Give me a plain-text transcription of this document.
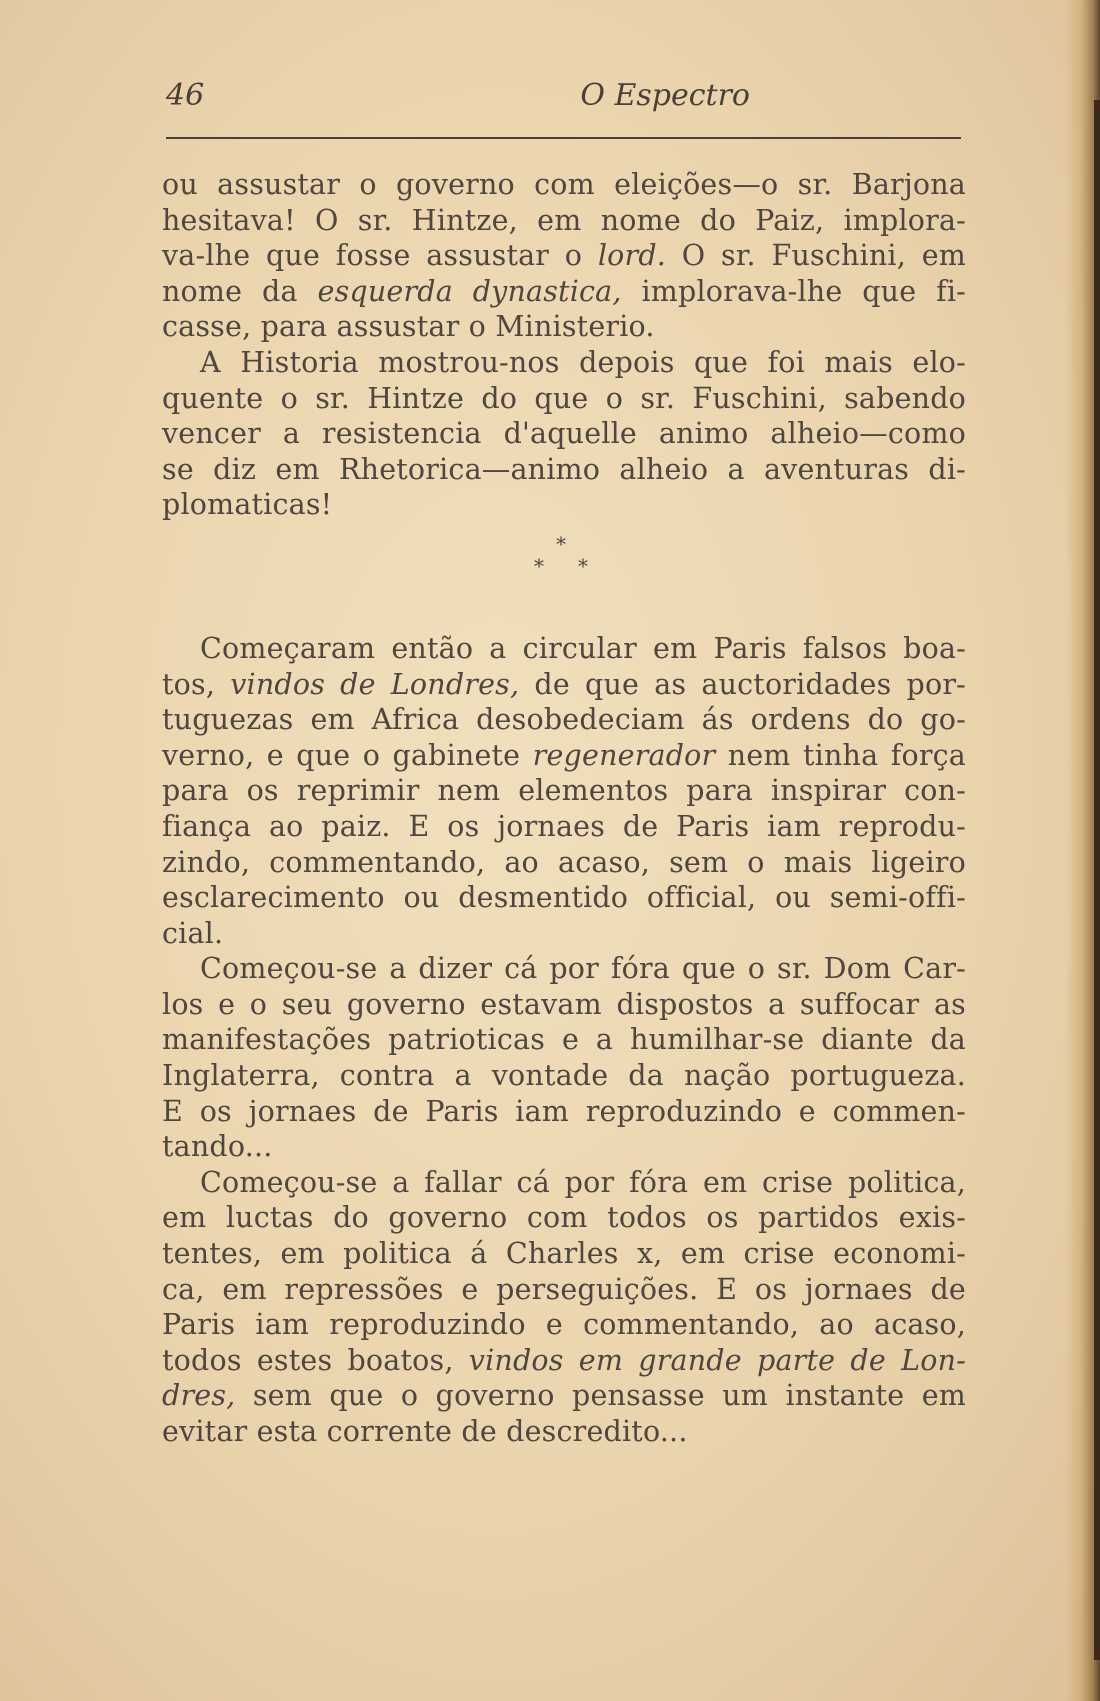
46	O Espectro
ou assustar o governo com eleições—o sr. Barjona
hesitava! O sr. Hintze, em nome do Paiz, implora-
va-lhe que fosse assustar o lord. O sr. Fuschini, em
nome da esquerda dynastica, implorava-lhe que fi-
casse, para assustar o Ministerio.
A Historia mostrou-nos depois que foi mais elo-
quente o sr. Hintze do que o sr. Fuschini, sabendo
vencer a resistencia d'aquelle animo alheio—como
se diz em Rhetorica—animo alheio a aventuras di-
plomaticas!
Começaram então a circular em Paris falsos boa-
tos, vindos de Londres, de que as auctoridades por-
tuguezas em Africa desobedeciam ás ordens do go-
verno, e que o gabinete regenerador nem tinha força
para os reprimir nem elementos para inspirar con-
fiança ao paiz. E os jornaes de Paris iam reprodu-
zindo, commentando, ao acaso, sem o mais ligeiro
esclarecimento ou desmentido official, ou semi-offi-
cial.
Começou-se a dizer cá por fóra que o sr. Dom Car-
los e o seu governo estavam dispostos a suffocar as
manifestações patrioticas e a humilhar-se diante da
Inglaterra, contra a vontade da nação portugueza.
E os jornaes de Paris iam reproduzindo e commen-
tando...
Começou-se a fallar cá por fóra em crise politica,
em luctas do governo com todos os partidos exis-
tentes, em politica á Charles x, em crise economi-
ca, em repressões e perseguições. E os jornaes de
Paris iam reproduzindo e commentando, ao acaso,
todos estes boatos, vindos em grande parte de Lon-
dres, sem que o governo pensasse um instante em
evitar esta corrente de descredito...
*
* *
